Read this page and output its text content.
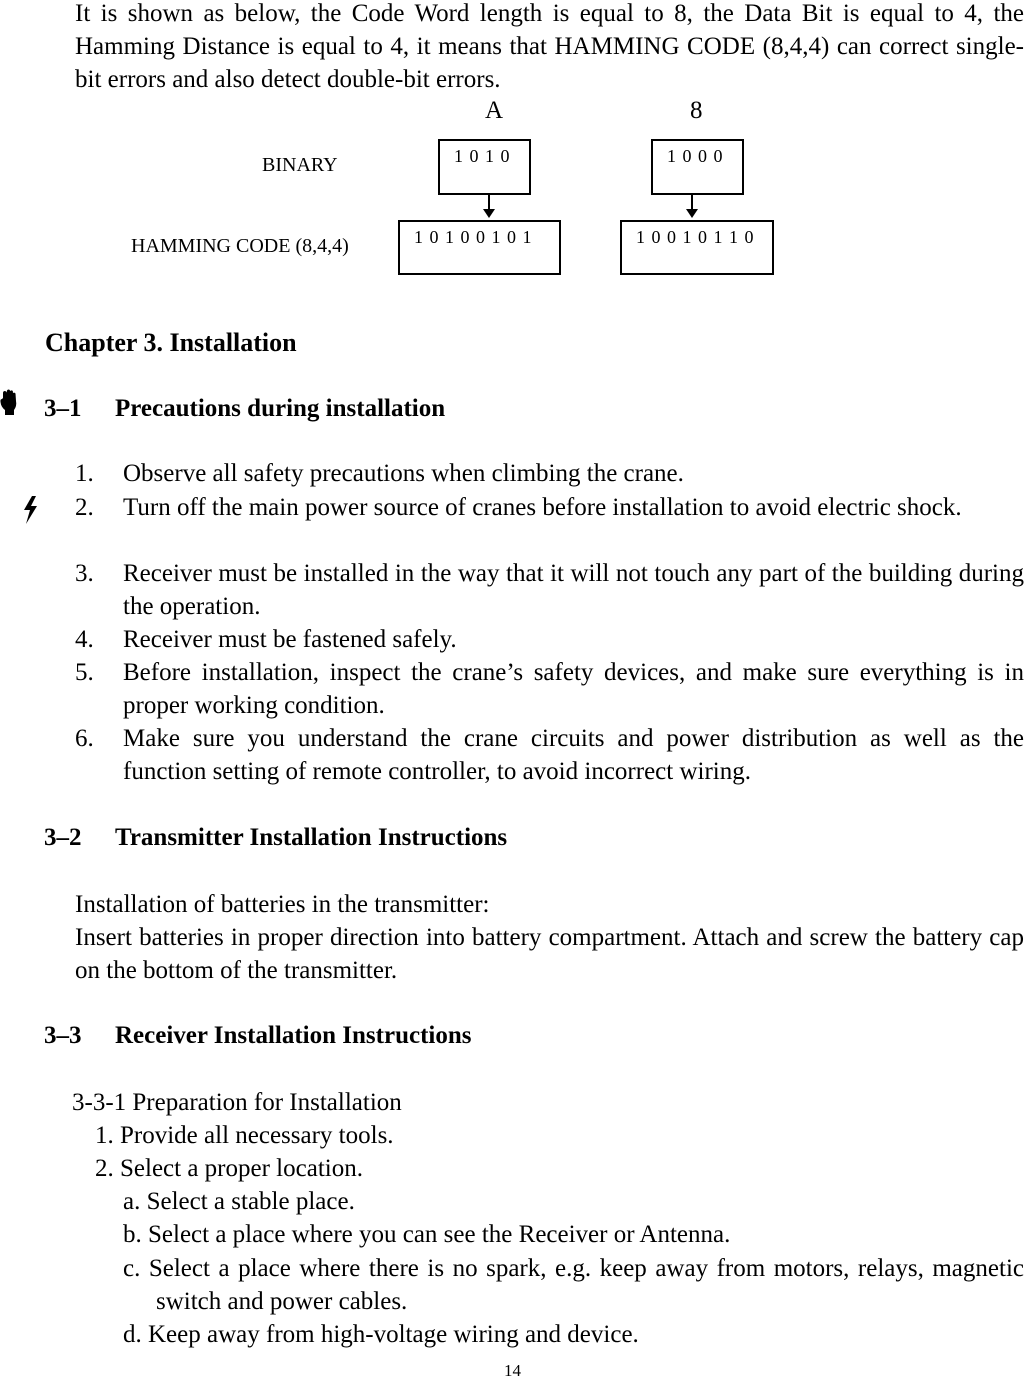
It is shown as below, the Code Word length is equal to 8, the Data Bit is equal to 4, the Hamming Distance is equal to 4, it means that HAMMING CODE (8,4,4) can correct single-bit errors and also detect double-bit errors.
A	8
BINARY
HAMMING CODE (8,4,4)
1 0 1 0	1 0 0 0
1 0 1 0 0 1 0 1	1 0 0 1 0 1 1 0
Chapter 3. Installation
3–1 Precautions during installation
1. Observe all safety precautions when climbing the crane.
2. Turn off the main power source of cranes before installation to avoid electric shock.
3. Receiver must be installed in the way that it will not touch any part of the building during the operation.
4. Receiver must be fastened safely.
5. Before installation, inspect the crane’s safety devices, and make sure everything is in proper working condition.
6. Make sure you understand the crane circuits and power distribution as well as the function setting of remote controller, to avoid incorrect wiring.
3–2 Transmitter Installation Instructions
Installation of batteries in the transmitter:
Insert batteries in proper direction into battery compartment. Attach and screw the battery cap on the bottom of the transmitter.
3–3 Receiver Installation Instructions
3-3-1 Preparation for Installation
1. Provide all necessary tools.
2. Select a proper location.
a. Select a stable place.
b. Select a place where you can see the Receiver or Antenna.
c. Select a place where there is no spark, e.g. keep away from motors, relays, magnetic switch and power cables.
d. Keep away from high-voltage wiring and device.
14
